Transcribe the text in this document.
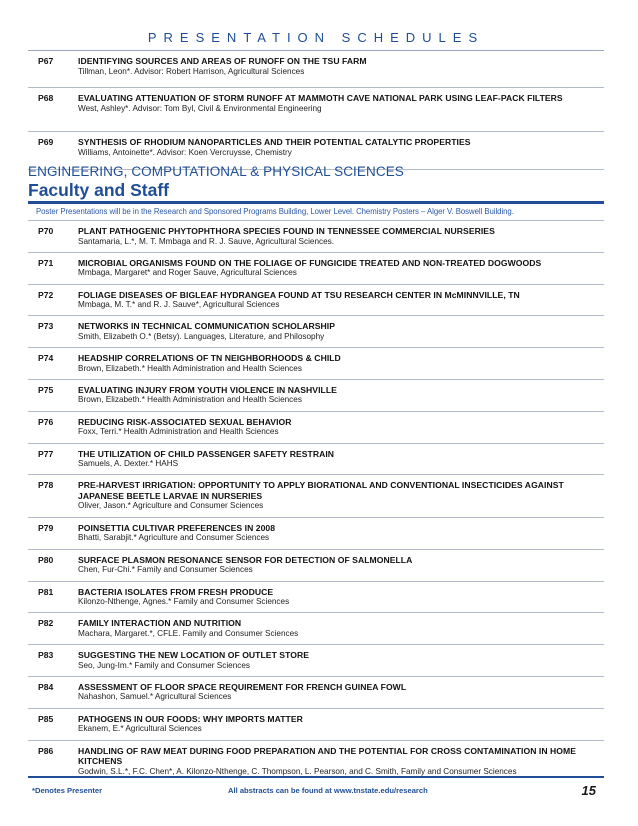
PRESENTATION SCHEDULES
P67	IDENTIFYING SOURCES AND AREAS OF RUNOFF ON THE TSU FARM
Tillman, Leon*. Advisor: Robert Harrison, Agricultural Sciences
P68	EVALUATING ATTENUATION OF STORM RUNOFF AT MAMMOTH CAVE NATIONAL PARK USING LEAF-PACK FILTERS
West, Ashley*. Advisor: Tom Byl, Civil & Environmental Engineering
P69	SYNTHESIS OF RHODIUM NANOPARTICLES AND THEIR POTENTIAL CATALYTIC PROPERTIES
Williams, Antoinette*. Advisor: Koen Vercruysse, Chemistry
ENGINEERING, COMPUTATIONAL & PHYSICAL SCIENCES
Faculty and Staff
Poster Presentations will be in the Research and Sponsored Programs Building, Lower Level. Chemistry Posters – Alger V. Boswell Building.
P70	PLANT PATHOGENIC PHYTOPHTHORA SPECIES FOUND IN TENNESSEE COMMERCIAL NURSERIES
Santamaria, L.*, M. T. Mmbaga and R. J. Sauve, Agricultural Sciences.
P71	MICROBIAL ORGANISMS FOUND ON THE FOLIAGE OF FUNGICIDE TREATED AND NON-TREATED DOGWOODS
Mmbaga, Margaret* and Roger Sauve, Agricultural Sciences
P72	FOLIAGE DISEASES OF BIGLEAF HYDRANGEA FOUND AT TSU RESEARCH CENTER IN McMINNVILLE, TN
Mmbaga, M. T.* and R. J. Sauve*, Agricultural Sciences
P73	NETWORKS IN TECHNICAL COMMUNICATION SCHOLARSHIP
Smith, Elizabeth O.* (Betsy). Languages, Literature, and Philosophy
P74	HEADSHIP CORRELATIONS OF TN NEIGHBORHOODS & CHILD
Brown, Elizabeth.* Health Administration and Health Sciences
P75	EVALUATING INJURY FROM YOUTH VIOLENCE IN NASHVILLE
Brown, Elizabeth.* Health Administration and Health Sciences
P76	REDUCING RISK-ASSOCIATED SEXUAL BEHAVIOR
Foxx, Terri.* Health Administration and Health Sciences
P77	THE UTILIZATION OF CHILD PASSENGER SAFETY RESTRAIN
Samuels, A. Dexter.* HAHS
P78	PRE-HARVEST IRRIGATION: OPPORTUNITY TO APPLY BIORATIONAL AND CONVENTIONAL INSECTICIDES AGAINST JAPANESE BEETLE LARVAE IN NURSERIES
Oliver, Jason.* Agriculture and Consumer Sciences
P79	POINSETTIA CULTIVAR PREFERENCES IN 2008
Bhatti, Sarabjit.* Agriculture and Consumer Sciences
P80	SURFACE PLASMON RESONANCE SENSOR FOR DETECTION OF SALMONELLA
Chen, Fur-Chi.* Family and Consumer Sciences
P81	BACTERIA ISOLATES FROM FRESH PRODUCE
Kilonzo-Nthenge, Agnes.* Family and Consumer Sciences
P82	FAMILY INTERACTION AND NUTRITION
Machara, Margaret.*, CFLE. Family and Consumer Sciences
P83	SUGGESTING THE NEW LOCATION OF OUTLET STORE
Seo, Jung-Im.* Family and Consumer Sciences
P84	ASSESSMENT OF FLOOR SPACE REQUIREMENT FOR FRENCH GUINEA FOWL
Nahashon, Samuel.* Agricultural Sciences
P85	PATHOGENS IN OUR FOODS: WHY IMPORTS MATTER
Ekanem, E.* Agricultural Sciences
P86	HANDLING OF RAW MEAT DURING FOOD PREPARATION AND THE POTENTIAL FOR CROSS CONTAMINATION IN HOME KITCHENS
Godwin, S.L.*, F.C. Chen*, A. Kilonzo-Nthenge, C. Thompson, L. Pearson, and C. Smith, Family and Consumer Sciences
*Denotes Presenter	All abstracts can be found at www.tnstate.edu/research	15
